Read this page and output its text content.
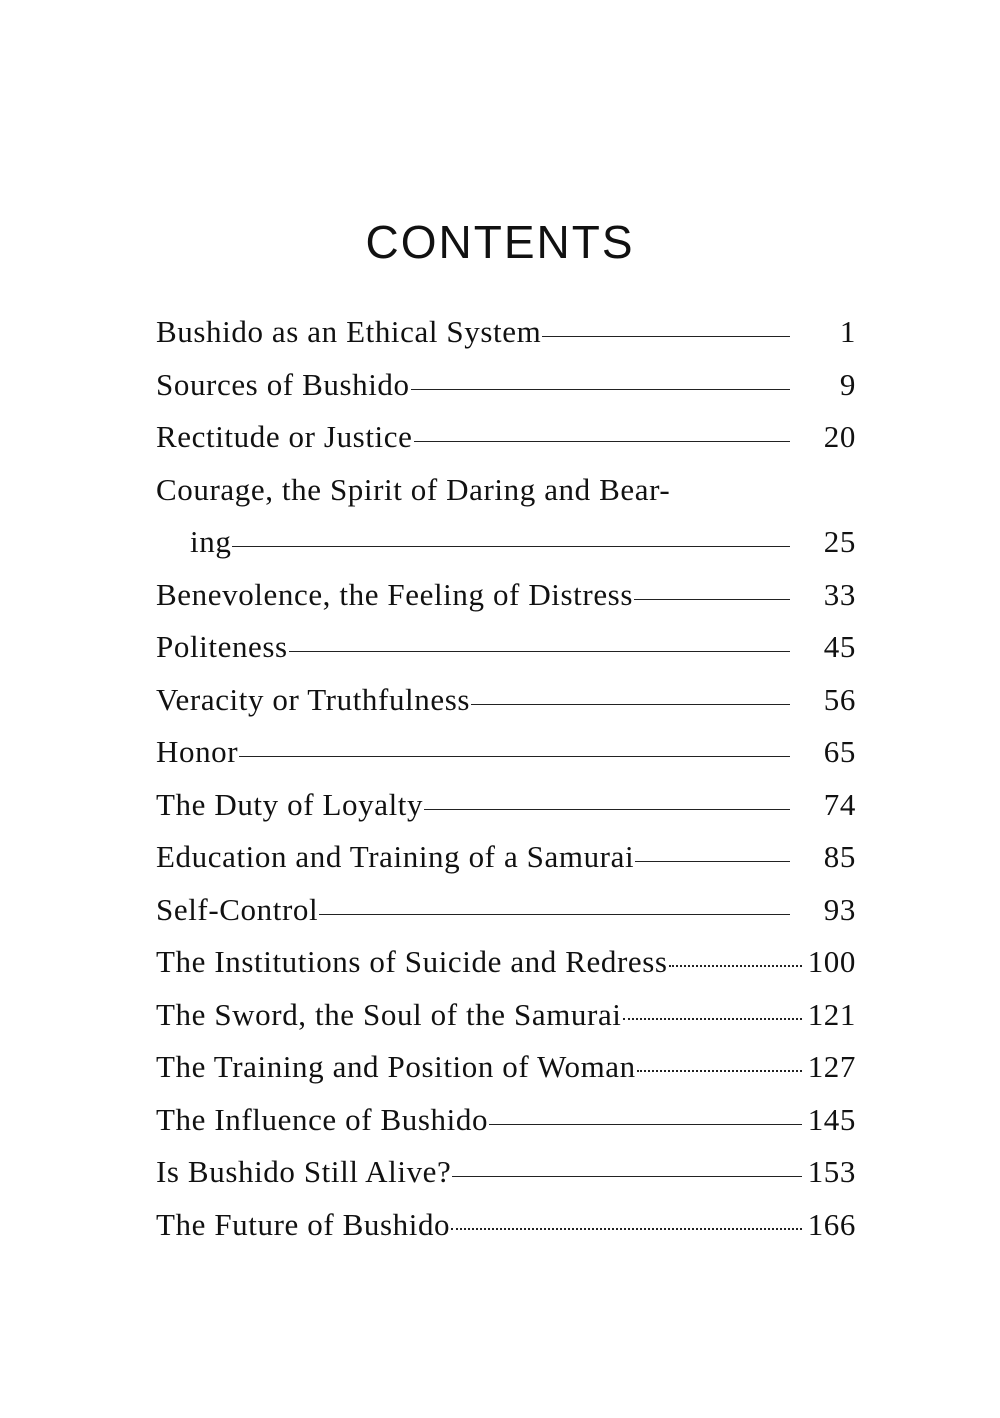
CONTENTS
Bushido as an Ethical System	1
Sources of Bushido	9
Rectitude or Justice	20
Courage, the Spirit of Daring and Bear-
ing	25
Benevolence, the Feeling of Distress	33
Politeness	45
Veracity or Truthfulness	56
Honor	65
The Duty of Loyalty	74
Education and Training of a Samurai	85
Self-Control	93
The Institutions of Suicide and Redress	100
The Sword, the Soul of the Samurai	121
The Training and Position of Woman	127
The Influence of Bushido	145
Is Bushido Still Alive?	153
The Future of Bushido	166
